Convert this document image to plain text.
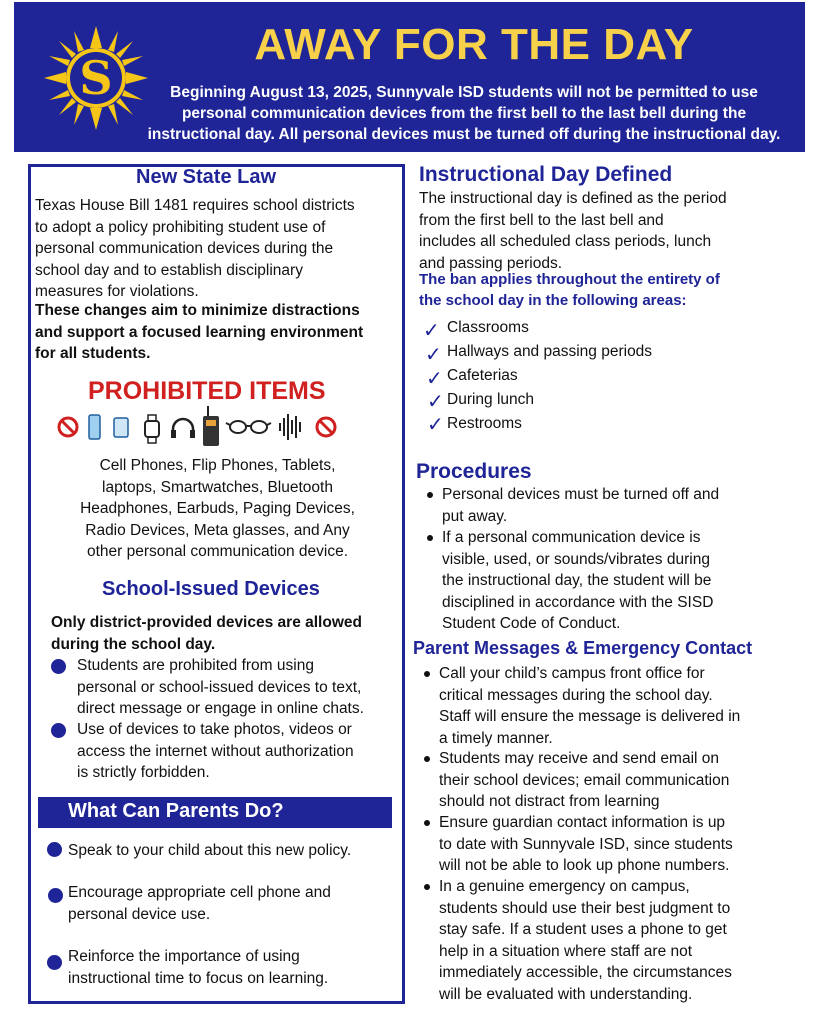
S
AWAY FOR THE DAY
Beginning August 13, 2025, Sunnyvale ISD students will not be permitted to use
personal communication devices from the first bell to the last bell during the
instructional day. All personal devices must be turned off during the instructional day.
New State Law
Texas House Bill 1481 requires school districts
to adopt a policy prohibiting student use of
personal communication devices during the
school day and to establish disciplinary
measures for violations.
These changes aim to minimize distractions
and support a focused learning environment
for all students.
PROHIBITED ITEMS
Cell Phones, Flip Phones, Tablets,
laptops, Smartwatches, Bluetooth
Headphones, Earbuds, Paging Devices,
Radio Devices, Meta glasses, and Any
other personal communication device.
School-Issued Devices
Only district-provided devices are allowed
during the school day.
Students are prohibited from using
personal or school-issued devices to text,
direct message or engage in online chats.
Use of devices to take photos, videos or
access the internet without authorization
is strictly forbidden.
What Can Parents Do?
Speak to your child about this new policy.
Encourage appropriate cell phone and
personal device use.
Reinforce the importance of using
instructional time to focus on learning.
Instructional Day Defined
The instructional day is defined as the period
from the first bell to the last bell and
includes all scheduled class periods, lunch
and passing periods.
The ban applies throughout the entirety of
the school day in the following areas:
✓ Classrooms
✓ Hallways and passing periods
✓ Cafeterias
✓ During lunch
✓ Restrooms
Procedures
Personal devices must be turned off and
put away.
If a personal communication device is
visible, used, or sounds/vibrates during
the instructional day, the student will be
disciplined in accordance with the SISD
Student Code of Conduct.
Parent Messages & Emergency Contact
Call your child’s campus front office for
critical messages during the school day.
Staff will ensure the message is delivered in
a timely manner.
Students may receive and send email on
their school devices; email communication
should not distract from learning
Ensure guardian contact information is up
to date with Sunnyvale ISD, since students
will not be able to look up phone numbers.
In a genuine emergency on campus,
students should use their best judgment to
stay safe. If a student uses a phone to get
help in a situation where staff are not
immediately accessible, the circumstances
will be evaluated with understanding.
